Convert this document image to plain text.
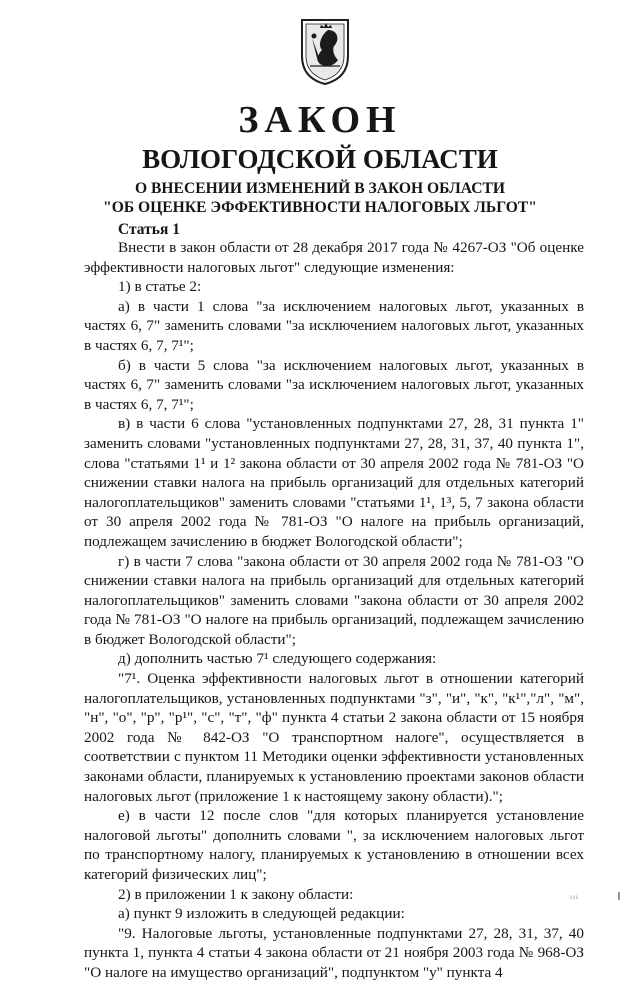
ЗАКОН
ВОЛОГОДСКОЙ ОБЛАСТИ
О ВНЕСЕНИИ ИЗМЕНЕНИЙ В ЗАКОН ОБЛАСТИ
"ОБ ОЦЕНКЕ ЭФФЕКТИВНОСТИ НАЛОГОВЫХ ЛЬГОТ"
Статья 1

Внести в закон области от 28 декабря 2017 года № 4267-ОЗ "Об оценке эффективности налоговых льгот" следующие изменения:

1) в статье 2:

а) в части 1 слова "за исключением налоговых льгот, указанных в частях 6, 7" заменить словами "за исключением налоговых льгот, указанных в частях 6, 7, 7¹";

б) в части 5 слова "за исключением налоговых льгот, указанных в частях 6, 7" заменить словами "за исключением налоговых льгот, указанных в частях 6, 7, 7¹";

в) в части 6 слова "установленных подпунктами 27, 28, 31 пункта 1" заменить словами "установленных подпунктами 27, 28, 31, 37, 40 пункта 1", слова "статьями 1¹ и 1² закона области от 30 апреля 2002 года № 781-ОЗ "О снижении ставки налога на прибыль организаций для отдельных категорий налогоплательщиков" заменить словами "статьями 1¹, 1³, 5, 7 закона области от 30 апреля 2002 года № 781-ОЗ "О налоге на прибыль организаций, подлежащем зачислению в бюджет Вологодской области";

г) в части 7 слова "закона области от 30 апреля 2002 года № 781-ОЗ "О снижении ставки налога на прибыль организаций для отдельных категорий налогоплательщиков" заменить словами "закона области от 30 апреля 2002 года № 781-ОЗ "О налоге на прибыль организаций, подлежащем зачислению в бюджет Вологодской области";

д) дополнить частью 7¹ следующего содержания:

"7¹. Оценка эффективности налоговых льгот в отношении категорий налогоплательщиков, установленных подпунктами "з", "и", "к", "к¹","л", "м", "н", "о", "р", "р¹", "с", "т", "ф" пункта 4 статьи 2 закона области от 15 ноября 2002 года № 842-ОЗ "О транспортном налоге", осуществляется в соответствии с пунктом 11 Методики оценки эффективности установленных законами области, планируемых к установлению проектами законов области налоговых льгот (приложение 1 к настоящему закону области).";

е) в части 12 после слов "для которых планируется установление налоговой льготы" дополнить словами ", за исключением налоговых льгот по транспортному налогу, планируемых к установлению в отношении всех категорий физических лиц";

2) в приложении 1 к закону области:

а) пункт 9 изложить в следующей редакции:

"9. Налоговые льготы, установленные подпунктами 27, 28, 31, 37, 40 пункта 1, пункта 4 статьи 4 закона области от 21 ноября 2003 года № 968-ОЗ "О налоге на имущество организаций", подпунктом "у" пункта 4

ııı
